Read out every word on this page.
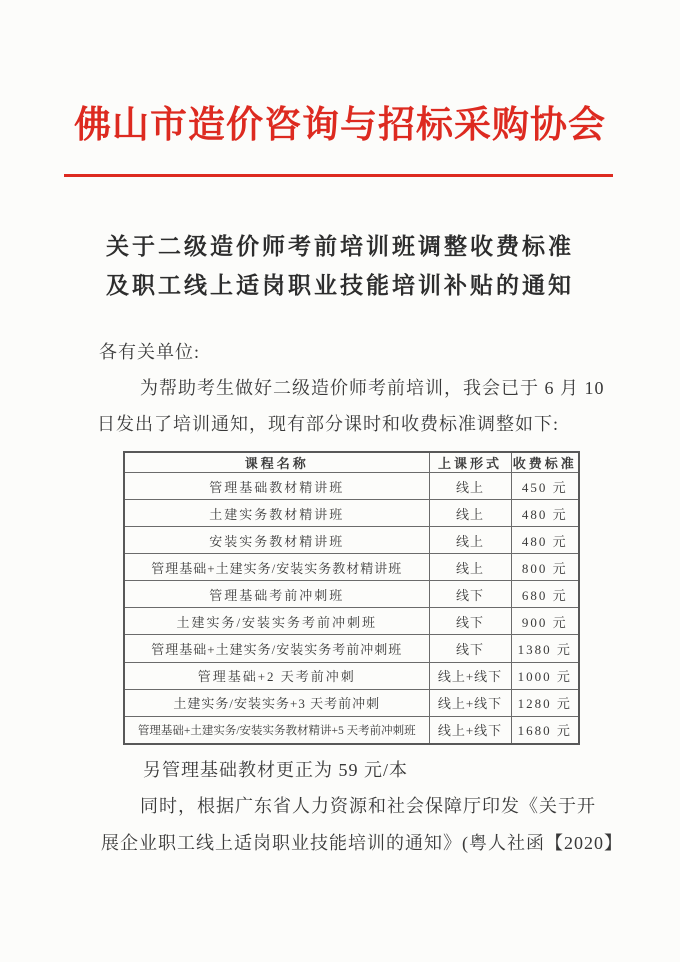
佛山市造价咨询与招标采购协会
关于二级造价师考前培训班调整收费标准
及职工线上适岗职业技能培训补贴的通知
各有关单位:
为帮助考生做好二级造价师考前培训，我会已于 6 月 10
日发出了培训通知，现有部分课时和收费标准调整如下:
课程名称	上课形式	收费标准
管理基础教材精讲班	线上	450 元
土建实务教材精讲班	线上	480 元
安装实务教材精讲班	线上	480 元
管理基础+土建实务/安装实务教材精讲班	线上	800 元
管理基础考前冲刺班	线下	680 元
土建实务/安装实务考前冲刺班	线下	900 元
管理基础+土建实务/安装实务考前冲刺班	线下	1380 元
管理基础+2 天考前冲刺	线上+线下	1000 元
土建实务/安装实务+3 天考前冲刺	线上+线下	1280 元
管理基础+土建实务/安装实务教材精讲+5 天考前冲刺班	线上+线下	1680 元
另管理基础教材更正为 59 元/本
同时，根据广东省人力资源和社会保障厅印发《关于开
展企业职工线上适岗职业技能培训的通知》(粤人社函【2020】
